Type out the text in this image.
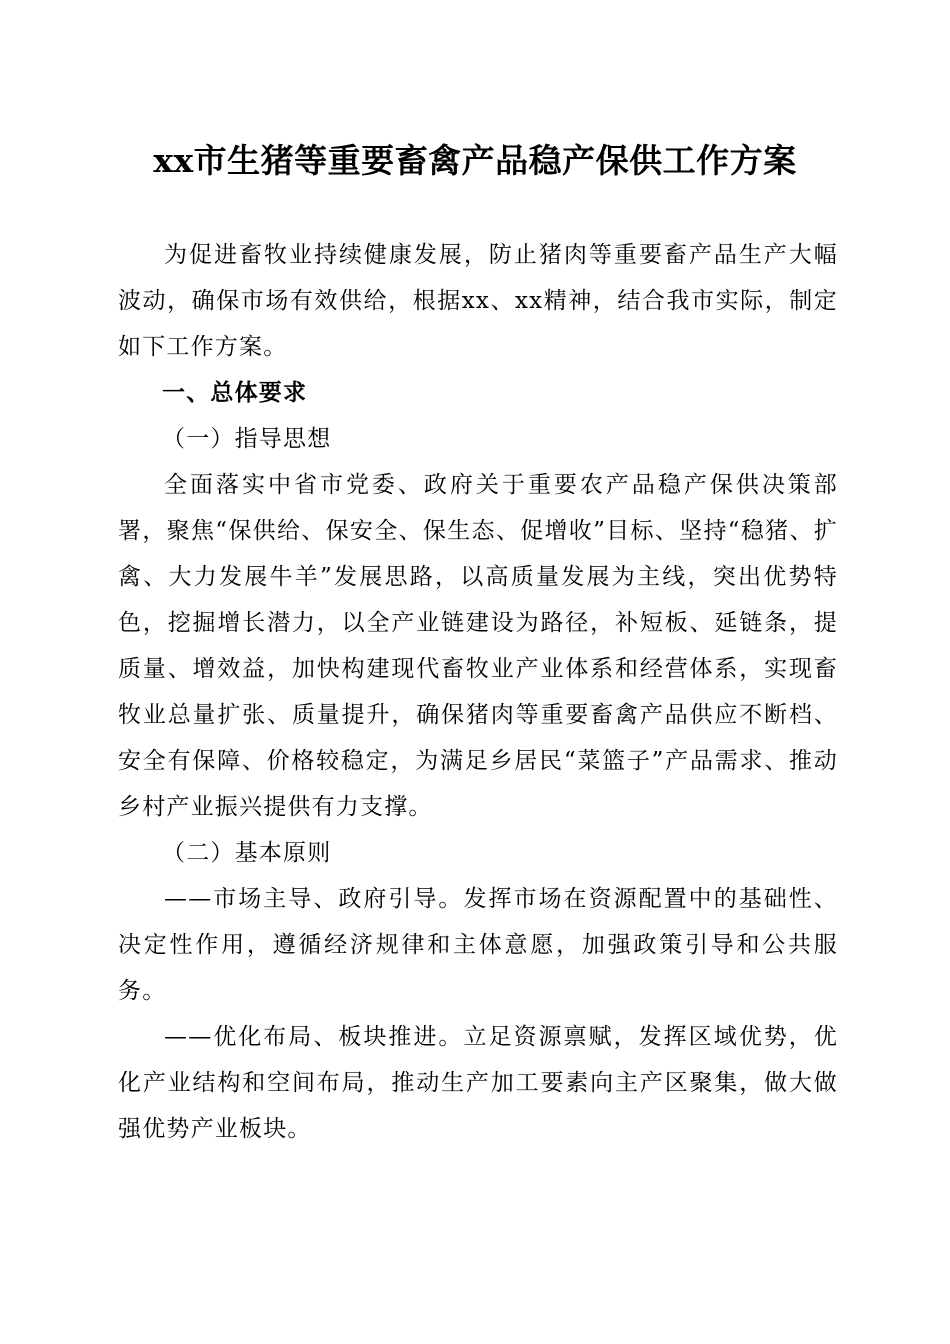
xx市生猪等重要畜禽产品稳产保供工作方案

为促进畜牧业持续健康发展，防止猪肉等重要畜产品生产大幅波动，确保市场有效供给，根据xx、xx精神，结合我市实际，制定如下工作方案。

一、总体要求

（一）指导思想

全面落实中省市党委、政府关于重要农产品稳产保供决策部署，聚焦“保供给、保安全、保生态、促增收”目标、坚持“稳猪、扩禽、大力发展牛羊”发展思路，以高质量发展为主线，突出优势特色，挖掘增长潜力，以全产业链建设为路径，补短板、延链条，提质量、增效益，加快构建现代畜牧业产业体系和经营体系，实现畜牧业总量扩张、质量提升，确保猪肉等重要畜禽产品供应不断档、安全有保障、价格较稳定，为满足乡居民“菜篮子”产品需求、推动乡村产业振兴提供有力支撑。

（二）基本原则

——市场主导、政府引导。发挥市场在资源配置中的基础性、决定性作用，遵循经济规律和主体意愿，加强政策引导和公共服务。

——优化布局、板块推进。立足资源禀赋，发挥区域优势，优化产业结构和空间布局，推动生产加工要素向主产区聚集，做大做强优势产业板块。
